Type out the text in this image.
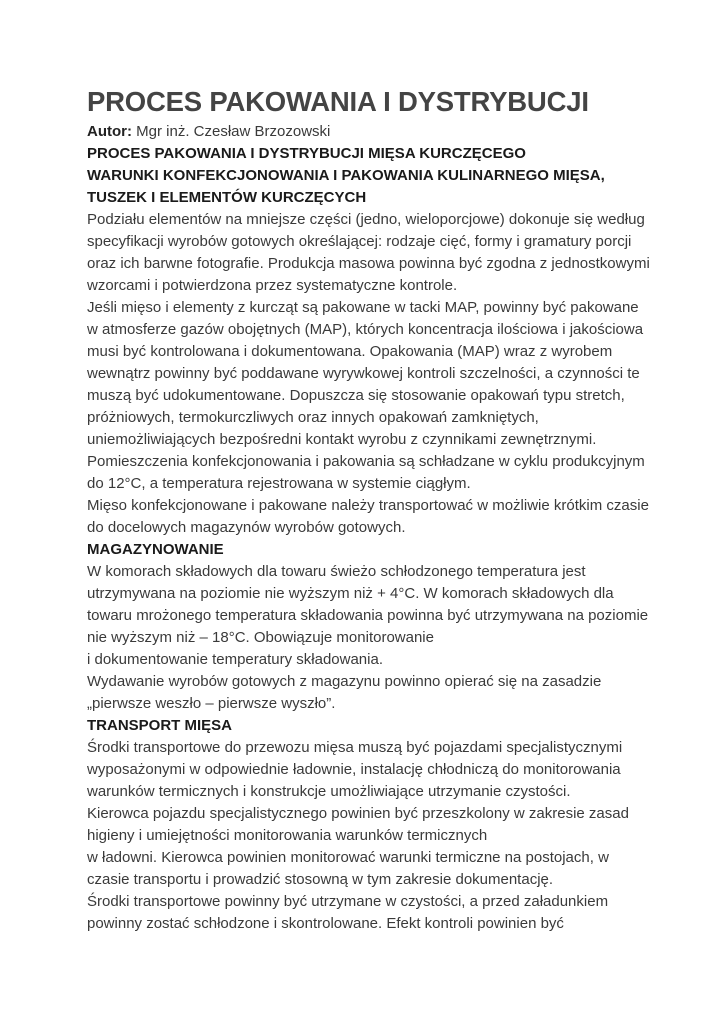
PROCES PAKOWANIA I DYSTRYBUCJI
Autor: Mgr inż. Czesław Brzozowski
PROCES PAKOWANIA I DYSTRYBUCJI MIĘSA KURCZĘCEGO
WARUNKI KONFEKCJONOWANIA I PAKOWANIA KULINARNEGO MIĘSA,
TUSZEK I ELEMENTÓW KURCZĘCYCH
Podziału elementów na mniejsze części (jedno, wieloporcjowe) dokonuje się według
specyfikacji wyrobów gotowych określającej: rodzaje cięć, formy i gramatury porcji
oraz ich barwne fotografie. Produkcja masowa powinna być zgodna z jednostkowymi
wzorcami i potwierdzona przez systematyczne kontrole.
Jeśli mięso i elementy z kurcząt są pakowane w tacki MAP, powinny być pakowane
w atmosferze gazów obojętnych (MAP), których koncentracja ilościowa i jakościowa
musi być kontrolowana i dokumentowana. Opakowania (MAP) wraz z wyrobem
wewnątrz powinny być poddawane wyrywkowej kontroli szczelności, a czynności te
muszą być udokumentowane. Dopuszcza się stosowanie opakowań typu stretch,
próżniowych, termokurczliwych oraz innych opakowań zamkniętych,
uniemożliwiających bezpośredni kontakt wyrobu z czynnikami zewnętrznymi.
Pomieszczenia konfekcjonowania i pakowania są schładzane w cyklu produkcyjnym
do 12°C, a temperatura rejestrowana w systemie ciągłym.
Mięso konfekcjonowane i pakowane należy transportować w możliwie krótkim czasie
do docelowych magazynów wyrobów gotowych.
MAGAZYNOWANIE
W komorach składowych dla towaru świeżo schłodzonego temperatura jest
utrzymywana na poziomie nie wyższym niż + 4°C. W komorach składowych dla
towaru mrożonego temperatura składowania powinna być utrzymywana na poziomie
nie wyższym niż – 18°C. Obowiązuje monitorowanie
i dokumentowanie temperatury składowania.
Wydawanie wyrobów gotowych z magazynu powinno opierać się na zasadzie
„pierwsze weszło – pierwsze wyszło”.
TRANSPORT MIĘSA
Środki transportowe do przewozu mięsa muszą być pojazdami specjalistycznymi
wyposażonymi w odpowiednie ładownie, instalację chłodniczą do monitorowania
warunków termicznych i konstrukcje umożliwiające utrzymanie czystości.
Kierowca pojazdu specjalistycznego powinien być przeszkolony w zakresie zasad
higieny i umiejętności monitorowania warunków termicznych
w ładowni. Kierowca powinien monitorować warunki termiczne na postojach, w
czasie transportu i prowadzić stosowną w tym zakresie dokumentację.
Środki transportowe powinny być utrzymane w czystości, a przed załadunkiem
powinny zostać schłodzone i skontrolowane. Efekt kontroli powinien być
